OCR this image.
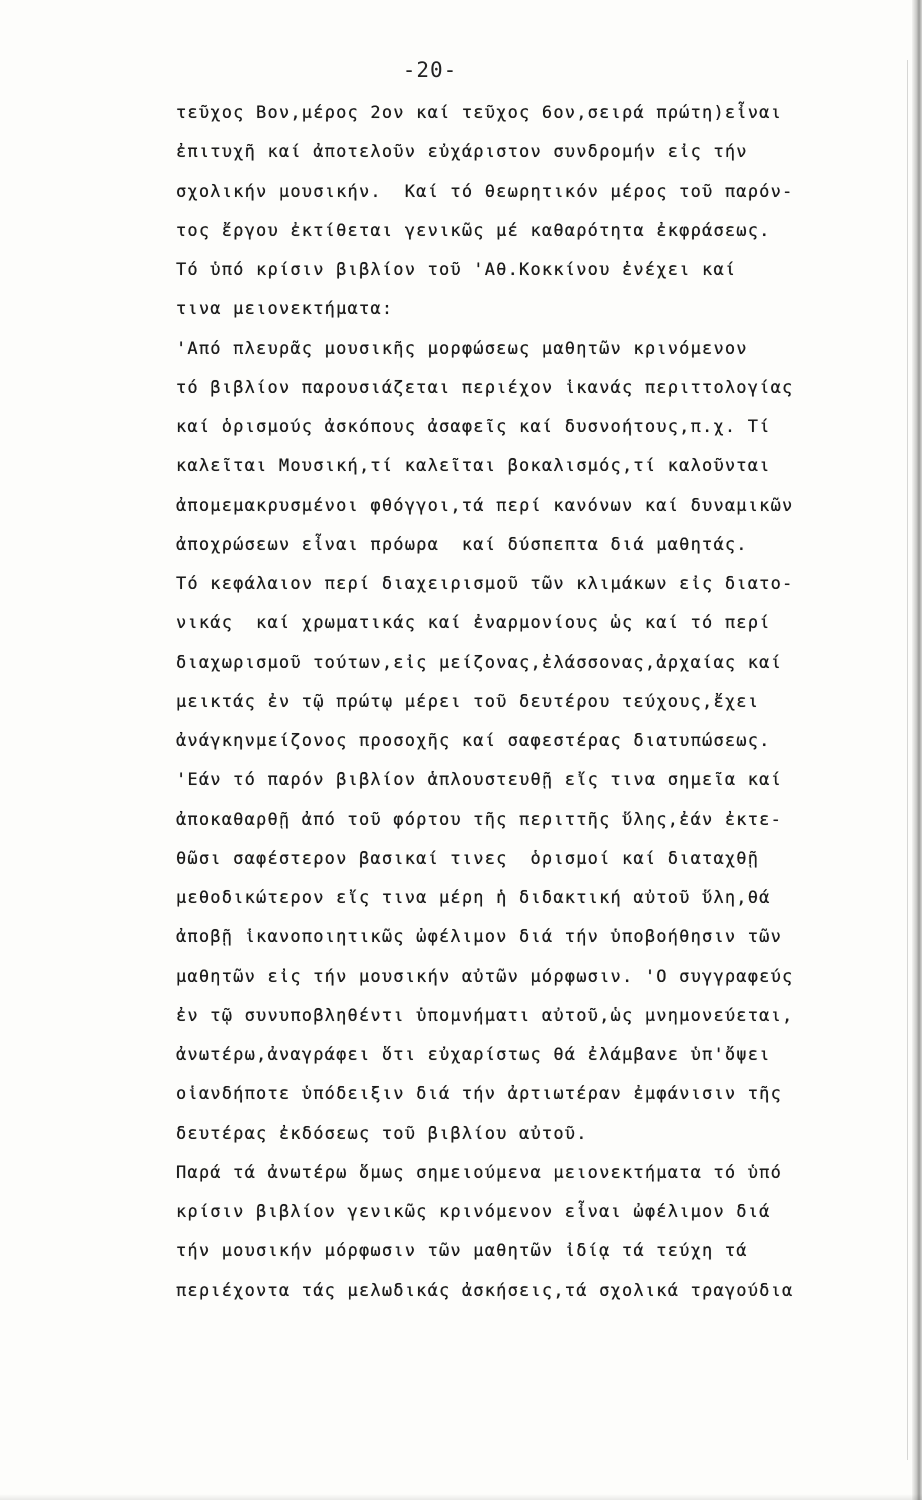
-20-
τεῦχος Βον,μέρος 2ον καί τεῦχος 6ον,σειρά πρώτη)εἶναι
ἐπιτυχῆ καί ἀποτελοῦν εὐχάριστον συνδρομήν εἰς τήν
σχολικήν μουσικήν.  Καί τό θεωρητικόν μέρος τοῦ παρόν-
τος ἔργου ἐκτίθεται γενικῶς μέ καθαρότητα ἐκφράσεως.
Τό ὑπό κρίσιν βιβλίον τοῦ 'Αθ.Κοκκίνου ἐνέχει καί
τινα μειονεκτήματα:
'Από πλευρᾶς μουσικῆς μορφώσεως μαθητῶν κρινόμενον
τό βιβλίον παρουσιάζεται περιέχον ἱκανάς περιττολογίας
καί ὁρισμούς ἀσκόπους ἀσαφεῖς καί δυσνοήτους,π.χ. Τί
καλεῖται Μουσική,τί καλεῖται βοκαλισμός,τί καλοῦνται
ἀπομεμακρυσμένοι φθόγγοι,τά περί κανόνων καί δυναμικῶν
ἀποχρώσεων εἶναι πρόωρα  καί δύσπεπτα διά μαθητάς.
Τό κεφάλαιον περί διαχειρισμοῦ τῶν κλιμάκων εἰς διατο-
νικάς  καί χρωματικάς καί ἐναρμονίους ὡς καί τό περί
διαχωρισμοῦ τούτων,εἰς μείζονας,ἐλάσσονας,ἀρχαίας καί
μεικτάς ἐν τῷ πρώτῳ μέρει τοῦ δευτέρου τεύχους,ἔχει
ἀνάγκηνμείζονος προσοχῆς καί σαφεστέρας διατυπώσεως.
'Εάν τό παρόν βιβλίον ἁπλουστευθῇ εἴς τινα σημεῖα καί
ἀποκαθαρθῇ ἀπό τοῦ φόρτου τῆς περιττῆς ὕλης,ἐάν ἐκτε-
θῶσι σαφέστερον βασικαί τινες  ὁρισμοί καί διαταχθῇ
μεθοδικώτερον εἴς τινα μέρη ἡ διδακτική αὐτοῦ ὕλη,θά
ἀποβῇ ἱκανοποιητικῶς ὠφέλιμον διά τήν ὑποβοήθησιν τῶν
μαθητῶν εἰς τήν μουσικήν αὐτῶν μόρφωσιν. 'Ο συγγραφεύς
ἐν τῷ συνυποβληθέντι ὑπομνήματι αὐτοῦ,ὡς μνημονεύεται,
ἀνωτέρω,ἀναγράφει ὅτι εὐχαρίστως θά ἐλάμβανε ὑπ'ὄψει
οἱανδήποτε ὑπόδειξιν διά τήν ἀρτιωτέραν ἐμφάνισιν τῆς
δευτέρας ἐκδόσεως τοῦ βιβλίου αὐτοῦ.
Παρά τά ἀνωτέρω ὅμως σημειούμενα μειονεκτήματα τό ὑπό
κρίσιν βιβλίον γενικῶς κρινόμενον εἶναι ὠφέλιμον διά
τήν μουσικήν μόρφωσιν τῶν μαθητῶν ἰδίᾳ τά τεύχη τά
περιέχοντα τάς μελωδικάς ἀσκήσεις,τά σχολικά τραγούδια
